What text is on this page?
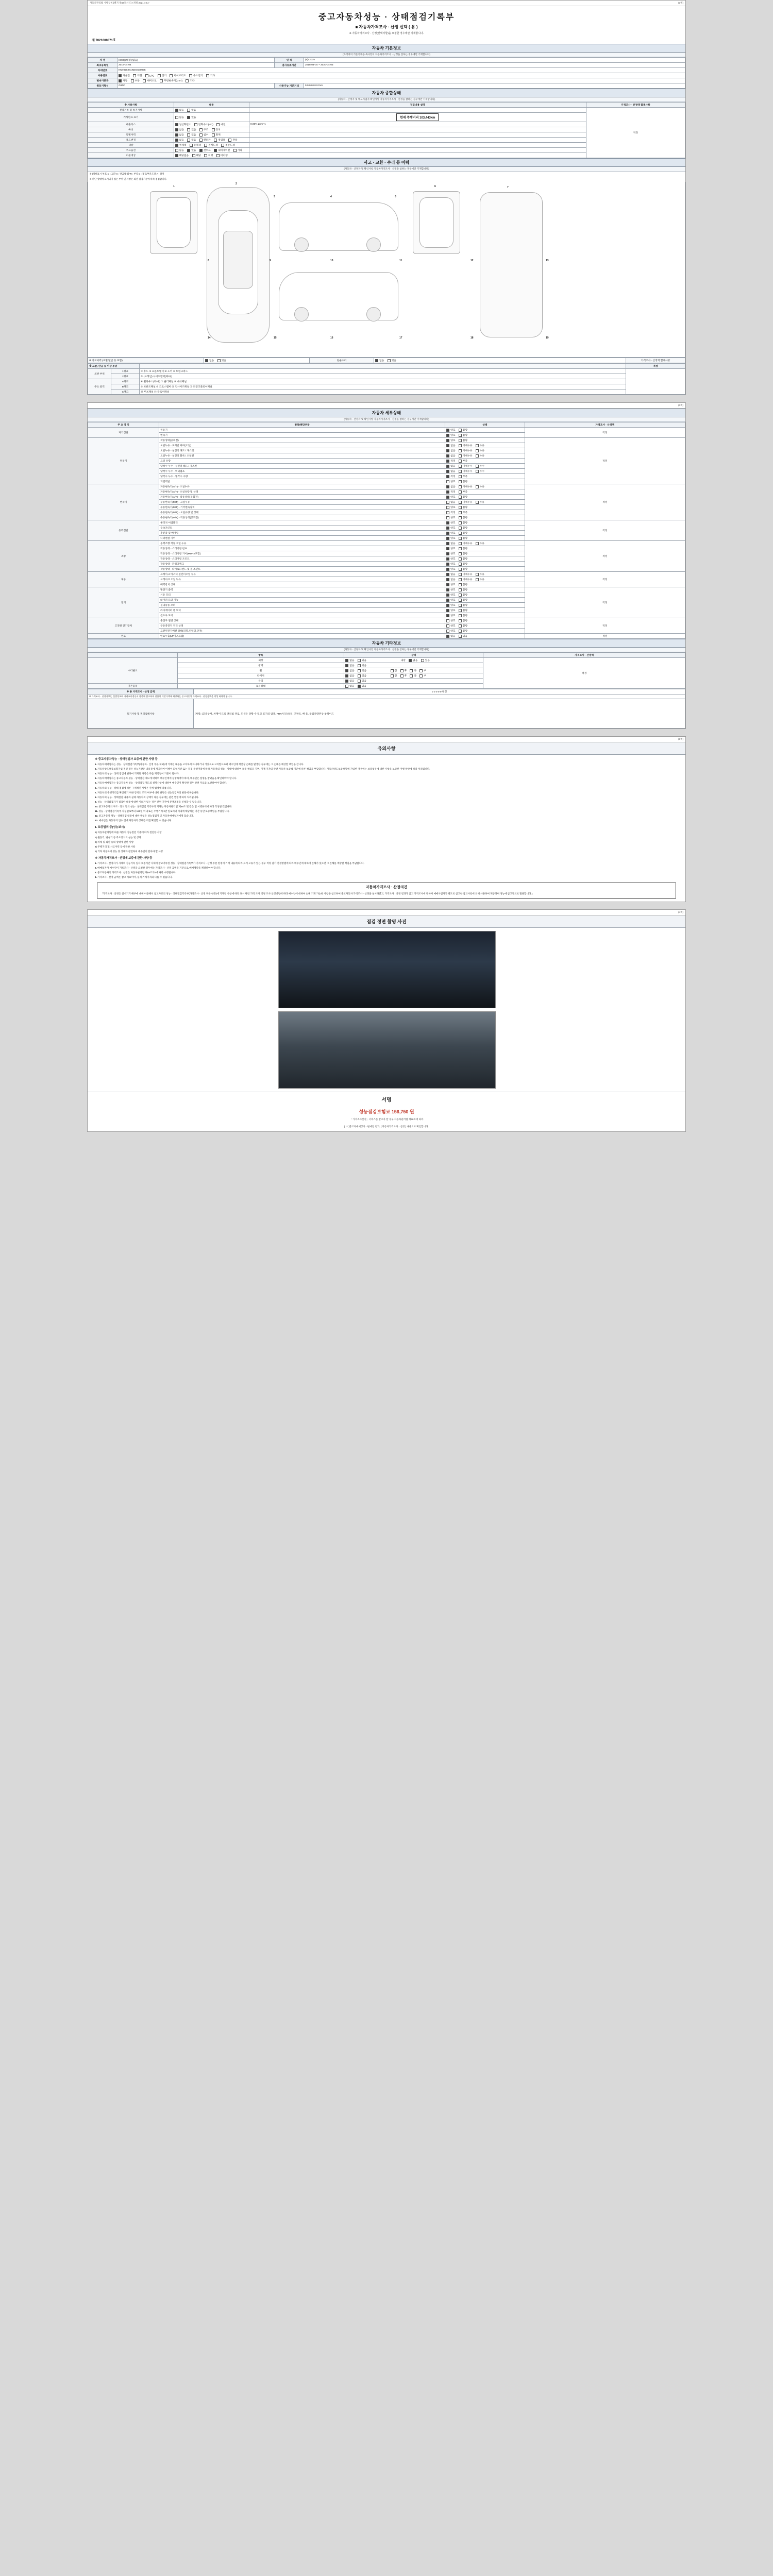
자동차관리법 시행규칙 [별지 제82호서식] <개정 2021.7.6.>	(3쪽)
중고자동차성능 · 상태점검기록부
■ 자동차가격조사 · 산정 선택 ( 유 )
※ 자동차가격조사 · 산정(선택사항)을 요청한 경우에만 기재합니다.
제 7021600871호
자동차 기본정보
(자격자의 기준기재용 목사항이 자동차가격조사 · 산정을 참하는 경우에만 기재합니다)
차 명	[G90] (대형)[없음]	연 식	(5)x2075
최초등록일	2016-04-04	검사유효기간	2018-04-04 ~ 2020-04-03
차대번호	KMHGS241KDGX00035		
사용연료	가솔린 디젤 LPG 전기 하이브리드 수소전기 기타		
변속기종류	자동 수동 세미오토 무단변속기(CVT) 기타		
원동기형식	G6DP	사용가능 기준거리	0 0 0 0 0 0 0 km
자동차 종합상태
(자동차 · 산정자 및 매도사업자 확인사항 자동차가격조사 · 산정을 참하는 경우에만 기재합니다)
※ 사용사항	내용	점검내용 설명	가격조사 · 산정액 합계사항
전점기록 및 특기사항	없음 있음		적정
거래현표 표기	없음 있음	현재 주행거리 103,443km	
배출가스	일산화탄소 탄화수소(HC) 매연	0.05% ppm %	
튜닝	없음 있음 구조 장치		
특별이력	없음 있음 침수 화재		
용도변경	없음 있음 렌터카 영업용 관용		
색상	무채색 유채색 전체도색 부분도색		
주요옵션	없음 있음 선루프 내비게이션 기타		
리콜대상	해당없음 해당 이행 미이행		
사고 · 교환 · 수리 등 이력
(자동차 · 산정자 및 확인사항 자동차가격조사 · 산정을 참하는 경우에만 기재합니다)
※ (상태표시 부호) o : 교환 X : 판금/용접 W : 부식 C : 흠집/부분도장 A : 상처
※ 하단 상태에 표기되지 않은 부위 및 사항은 외관 점검기준에 따라 점검합니다.
1
2
3	4	5
6	7
8	9	10	11	12	13
14	15	16	17	18	19
※ 사고이력 (교환/판금 등 포함)	없음	있음	단순수리	없음	있음	가격조사 · 산정액 합계사항
※ 교환, 판금 등 이상 부위			적정
외판 부위	1랭크	① 후드 ② 프론트휀더 ③ 도어 ④ 트렁크리드	
	2랭크	⑤ (프레임) 사이드멤버(좌/우)	
주요 골격	A랭크	⑥ 휠하우스(좌/우) ⑦ 필러패널 ⑧ 대쉬패널	
	B랭크	⑨ 프론트패널 ⑩ 크로스멤버 ⑪ 인사이드패널 ⑫ 트렁크플로어패널	
	C랭크	⑬ 루프패널 ⑭ 플로어패널	
(3쪽)
자동차 세부상태
(자동차 · 산정자 및 확인사항 자동차가격조사 · 산정을 참하는 경우에만 기재합니다)
주 요 장 치	항목/해당부품	상태	가격조사 · 산정액
자기진단	원동기	양호 불량	적정
	변속기	양호 불량	
원동기	작동상태(공회전)	양호 불량	적정
	오일누유 - 로커암 커버(오일)	없음 미세누유 누유	
	오일누유 - 실린더 헤드 / 개스킷	없음 미세누유 누유	
	오일누유 - 실린더 블록 / 오일팬	없음 미세누유 누유	
	오일 유량	적정 부족	
	냉각수 누수 - 실린더 헤드 / 개스킷	없음 미세누수 누수	
	냉각수 누수 - 워터펌프	없음 미세누수 누수	
	냉각수 누수 - 냉각수 수량	적정 부족	
	커먼레일	양호 불량	
변속기	자동변속기(A/T) - 오일누유	없음 미세누유 누유	적정
	자동변속기(A/T) - 오일유량 및 상태	적정 부족	
	자동변속기(A/T) - 작동상태(공회전)	양호 불량	
	수동변속기(M/T) - 오일누유	없음 미세누유 누유	
	수동변속기(M/T) - 기어변속장치	양호 불량	
	수동변속기(M/T) - 오일유량 및 상태	적정 부족	
	수동변속기(M/T) - 작동상태(공회전)	양호 불량	
동력전달	클러치 어셈블리	양호 불량	적정
	등속조인트	양호 불량	
	추진축 및 베어링	양호 불량	
	디퍼렌셜 기어	양호 불량	
조향	동력조향 작동 오일 누유	없음 미세누유 누유	적정
	작동상태 - 스티어링 펌프	양호 불량	
	작동상태 - 스티어링 기어(MDPS포함)	양호 불량	
	작동상태 - 스티어링 조인트	양호 불량	
	작동상태 - 파워크랭크	양호 불량	
	작동상태 - 타이로드엔드 및 볼 조인트	양호 불량	
제동	브레이크 마스터 실린더오일 누유	없음 미세누유 누유	적정
	브레이크 오일 누유	없음 미세누유 누유	
	배력장치 상태	양호 불량	
전기	발전기 출력	양호 불량	적정
	시동 모터	양호 불량	
	와이퍼 모터 기능	양호 불량	
	실내송풍 모터	양호 불량	
	라디에이터 팬 모터	양호 불량	
	윈도우 모터	양호 불량	
고전원 전기장치	충전구 절연 상태	양호 불량	적정
	구동축전지 격리 상태	양호 불량	
	고전원전기배선 상태(피복,커넥터,단자)	양호 불량	
연료	연료누출(LP가스포함)	없음 있음	적정
자동차 기타정보
(자동차 · 산정자 및 확인사항 자동차가격조사 · 산정을 참하는 경우에만 기재합니다)
	항목	상태	가격조사 · 산정액
수리필요	외장	없음 있음 내장 없음 있음	적정
	광택	없음 있음	
	휠	없음 있음 전 후 좌 우	
	타이어	없음 있음 전 후 좌 우	
	유리	없음 있음	
기본품목	보유상태	없음 있음	
※ 총 가격조사 · 산정 금액	0 0 0 0 0 원정
※ 가격조사 · 산정자부는 실별정보와 가격조사정산서 항목에 참고하여 산출된 기준가액에 해당하는 중고자동차 가격조사 · 산정금액을 작성 하여야 합니다.	
특기사항 및 권리침해사항	(차량, (교육상서, 차랭이 도로 권리침 권로, 도색은 당황 수 있고 표기의 압축, FRP/인조/유리, 조판트, 배 울, 불침차량본상 참석이드
(3쪽)
유의사항
※ 중고자동차성능 · 상태점검자 보증에 관한 사항 등
1. 자동차매매업자는 성능 · 상태점검기록부(자동차 · 산정 부분 제외)에 기재된 내용을 고지하지 아니하거나 거짓으로 고지함으로써 매수인에 재산상 손해를 발생한 경우에는 그 손해를 배상할 책임을 갑니다.
2. 자동차양도보증보험가입 적인 경우 성능기간은 내용물에 제공하여 이행이 되었기간 또는 점검 운행거리에 따라 자동차의 성능 · 상태에 대하여 보증 책임을 지며, 기재 기간의 관련 자동차 보증법 기준에 따른 책임을 부담합니다. 자동차양도보증보험에 가입한 경우에는 보증업무에 대한 사항을 보증한 이행 약관에 따라 처리됩니다.
3. 자동차의 성능 · 상태 점검에 관하여 기재된 사항은 다음 계약일이 기준이 됩니다.
4. 자동차매매업자는 중고자동차 성능 · 상태점검 제도에 대하여 매수인에게 설명하여야 하며, 매수인은 설명을 받았음을 확인하여야 합니다.
5. 자동차매매업자는 중고자동차 성능 · 상태점검 제도의 설명사항에 대하여 매수인이 확인한 경우 관련 자료를 보관하여야 합니다.
6. 자동차의 성능 · 상태 점검에 따른 구체적인 사항은 관계 법령에 따릅니다.
7. 자동차의 주행거리를 확인하기 위한 장치의 조작 여부에 대한 판단은 성능점검자의 판단에 따릅니다.
8. 자동차의 성능 · 상태점검 내용과 실제 자동차의 상태가 다른 경우에는 관련 법령에 따라 처리됩니다.
9. 성능 · 상태점검자가 점검한 내용에 대한 이의가 있는 경우 관련 기관에 분쟁조정을 신청할 수 있습니다.
10. 중고자동차의 구조 · 장치 등의 성능 · 상태점검 기록부의 기재는 자동차관리법 제58조 및 같은 법 시행규칙에 따라 작성된 것입니다.
11. 성능 · 상태점검기록부 작성일로부터 120일 이내 또는 주행거리 2만 킬로미터 이내에 해당하는 기간 동안 보증책임을 부담합니다.
12. 중고자동차 성능 · 상태점검 내용에 대한 책임은 성능점검자 및 자동차매매업자에게 있습니다.
13. 매수인은 자동차의 인수 전에 자동차의 상태를 직접 확인할 수 있습니다.
1. 보증범위 등(성능보시)
1) 자동차관리법에 따른 자동차 성능점검 기준에 따라 점검한 사항
2) 원동기, 변속기 등 주요장치의 성능 및 상태
3) 차체 및 외판 등의 상태에 관한 사항
4) 주행거리 및 사고이력 등에 관한 사항
5) 기타 자동차의 성능 및 상태와 관련하여 매수인이 알아야 할 사항
※ 자동차가격조사 · 산정에 보증에 관한 사항 등
1. 가격조사 · 산정자가 사체의 성능기록 일자 보증기간 사체에 참고기록한 성능 · 상태점검기록부가 가격조사 · 산정 부분 한정에 기재 내용에 따라 표기 오류가 있는 경우 적정 감가 산정방법에 따라 매수인에 대하여 손해가 있으면 그 손해를 배상할 책임을 부담합니다.
2. 매매업자가 매수인이 기록조사 · 산정을 요청한 경우에는 가격조사 · 산정 금액을 기준으로 매매계약을 체결하여야 합니다.
3. 중고자동차의 가격조사 · 산정은 자동차관리법 제58조의4에 따라 수행됩니다.
4. 가격조사 · 산정 금액은 참고 자료이며, 실제 거래가격과 다를 수 있습니다.
자동차가격조사 · 산정의견
「가격조사 · 산정은 실시기기 해부에 대해 이용해서 참고자료의 성능 · 상태점검기록부(가격조사 · 산정 부분 한정)에 기재된 사항에 따라 표시 관련 가격 조사 적정 조사 산정방법에 따라 매수인에 대하여 손해 기재 가능한 사항을 참고하여 중고자동차 가격조사 · 산정을 실시하였고, 가격조사 · 산정 결과가 참고 가격조사에 관하여 매매사업자가 별도로 참고한 참고사항에 의해 사용하여 제공하여 성능에 참고자료로 활용합니다.」
(4쪽)
점검 정면 촬영 사진
서명
성능점검보험료 156,750 원
「 가격조사산정」서비스를 받고자 할 경우 자동차관리법 제58조에 따라
[ ㅁ ]중고차매매상사 · 판매점 결과, [ 자동차가격조사 · 산정 ] 내용으로 확인합니다.
